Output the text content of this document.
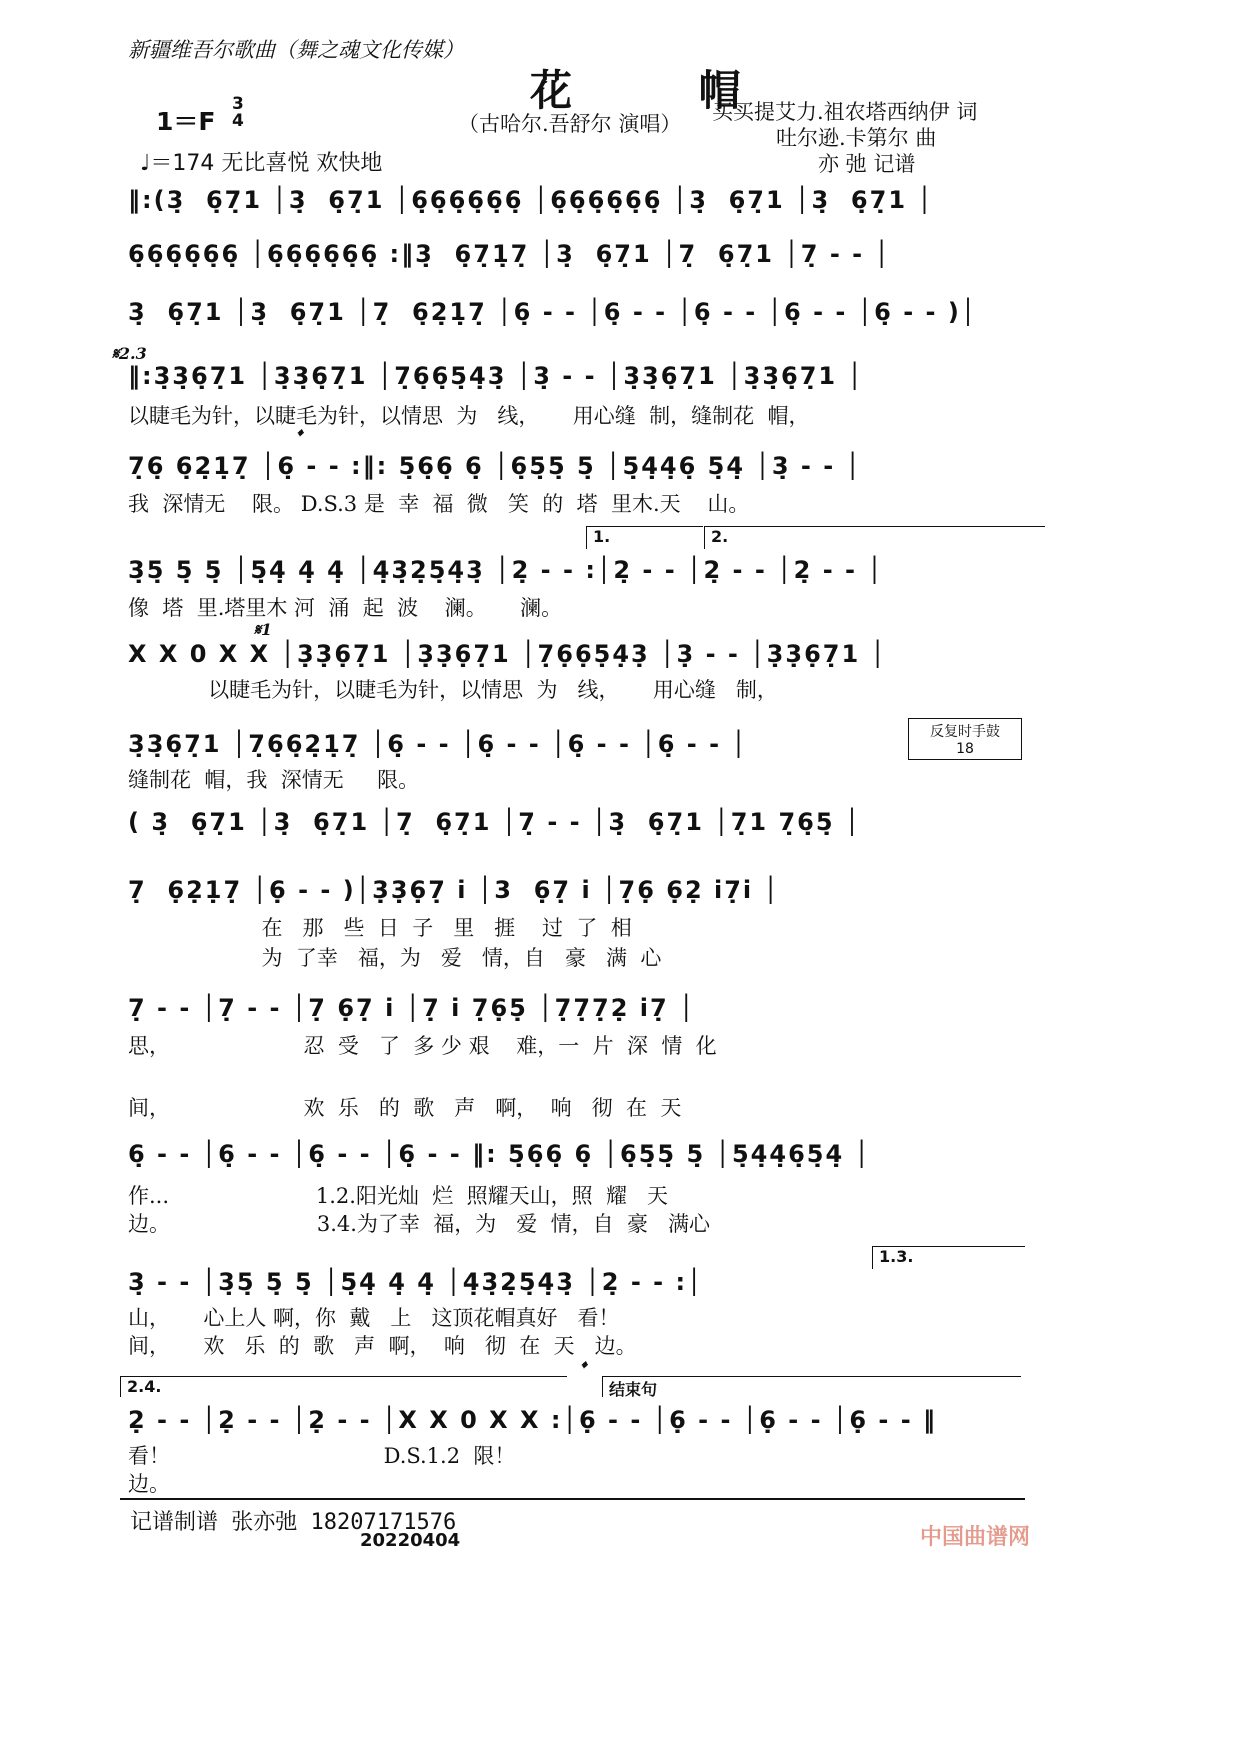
新疆维吾尔歌曲（舞之魂文化传媒）
花 帽
（古哈尔.吾舒尔 演唱）
1＝F
3
4
♩＝174 无比喜悦 欢快地
买买提艾力.祖农塔西纳伊 词
吐尔逊.卡第尔 曲
亦 弛 记谱
‖:(3̣  6̣7̣1 │3̣  6̣7̣1 │6̣6̣6̣6̣6̣6̣ │6̣6̣6̣6̣6̣6̣ │3̣  6̣7̣1 │3̣  6̣7̣1 │
6̣6̣6̣6̣6̣6̣ │6̣6̣6̣6̣6̣6̣ :‖3̣  6̣7̣1̣7̣ │3̣  6̣7̣1 │7̣  6̣7̣1 │7̣ - - │
3̣  6̣7̣1 │3̣  6̣7̣1 │7̣  6̣2̣1̣7̣ │6̣ - - │6̣ - - │6̣ - - │6̣ - - │6̣ - - )│
𝄋2.3
‖:3̣3̣6̣7̣1 │3̣3̣6̣7̣1 │7̣6̣6̣5̣4̣3̣ │3̣ - - │3̣3̣6̣7̣1 │3̣3̣6̣7̣1 │
以睫毛为针，以睫毛为针，以情思  为   线，     用心缝  制，缝制花  帽，
𝄌
7̣6̣ 6̣2̣1̣7̣ │6̣ - - :‖: 5̣6̣6̣ 6̣ │6̣5̣5̣ 5̣ │5̣4̣4̣6̣ 5̣4̣ │3̣ - - │
我  深情无    限。 D.S.3 是  幸  福  微   笑  的  塔  里木.天    山。
1.	2.
3̣5̣ 5̣ 5̣ │5̣4̣ 4̣ 4̣ │4̣3̣2̣5̣4̣3̣ │2̣ - - :│2̣ - - │2̣ - - │2̣ - - │
像  塔  里.塔里木 河  涌  起  波    澜。     澜。
𝄋1
X X 0 X X │3̣3̣6̣7̣1 │3̣3̣6̣7̣1 │7̣6̣6̣5̣4̣3̣ │3̣ - - │3̣3̣6̣7̣1 │
以睫毛为针，以睫毛为针，以情思  为   线，     用心缝   制，
反复时手鼓
18
3̣3̣6̣7̣1 │7̣6̣6̣2̣1̣7̣ │6̣ - - │6̣ - - │6̣ - - │6̣ - - │
缝制花  帽，我  深情无     限。
( 3̣  6̣7̣1 │3̣  6̣7̣1 │7̣  6̣7̣1 │7̣ - - │3̣  6̣7̣1 │7̣1 7̣6̣5̣ │
7̣  6̣2̣1̣7̣ │6̣ - - )│3̣3̣6̣7̣ i │3  6̣7̣ i │7̣6̣ 6̣2̣ i7̣i │
在   那   些  日  子   里   捱    过  了  相
为  了幸   福，为   爱   情，自   豪   满  心
7̣ - - │7̣ - - │7̣ 6̣7̣ i │7̣ i 7̣6̣5̣ │7̣7̣7̣2̣ i7̣ │
思，                    忍  受   了  多 少 艰    难，一  片  深  情  化
间，                    欢  乐   的  歌   声   啊，  响   彻  在  天
6̣ - - │6̣ - - │6̣ - - │6̣ - - ‖: 5̣6̣6̣ 6̣ │6̣5̣5̣ 5̣ │5̣4̣4̣6̣5̣4̣ │
作...                      1.2.阳光灿  烂  照耀天山，照  耀   天
边。                      3.4.为了幸  福，为   爱  情，自  豪   满心
1.3.
3̣ - - │3̣5̣ 5̣ 5̣ │5̣4̣ 4̣ 4̣ │4̣3̣2̣5̣4̣3̣ │2̣ - - :│
山，     心上人 啊，你  戴   上   这顶花帽真好   看！
间，     欢   乐  的  歌   声  啊，  响   彻  在  天   边。
𝄌
2.4.	结束句
2̣ - - │2̣ - - │2̣ - - │X X 0 X X :│6̣ - - │6̣ - - │6̣ - - │6̣ - - ‖
看！                                D.S.1.2  限！
边。
记谱制谱 张亦弛 18207171576
20220404	中国曲谱网
